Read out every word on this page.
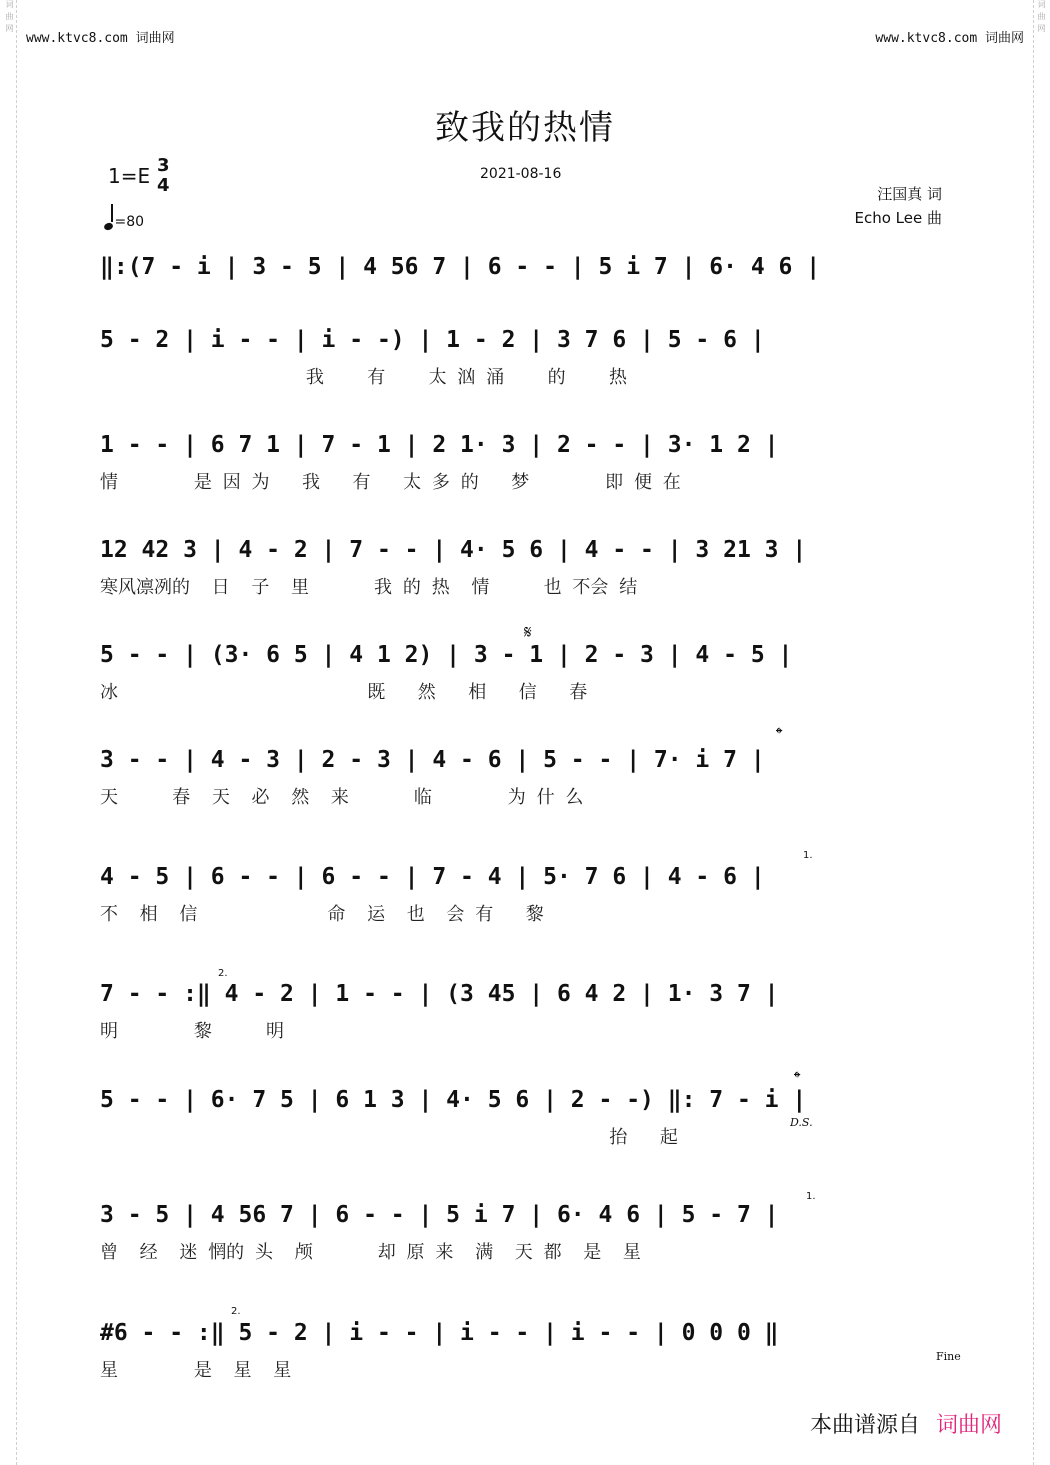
词曲网	词曲网
www.ktvc8.com 词曲网	www.ktvc8.com 词曲网
致我的热情
2021-08-16
1=E 3
4
=80
汪国真 词
Echo Lee 曲
‖:(7 - i | 3 - 5 | 4 56 7 | 6 - - | 5 i 7 | 6· 4 6 |
5 - 2 | i - - | i - -) | 1 - 2 | 3 7 6 | 5 - 6 |
我    有    太 汹 涌    的    热
1 - - | 6 7 1 | 7 - 1 | 2 1· 3 | 2 - - | 3· 1 2 |
情       是 因 为   我   有   太 多 的   梦       即 便 在
12 42 3 | 4 - 2 | 7 - - | 4· 5 6 | 4 - - | 3 21 3 |
寒风凛冽的  日  子  里      我 的 热  情     也 不会 结
5 - - | (3· 6 5 | 4 1 2) | 3 - 1 | 2 - 3 | 4 - 5 |
冰                       既   然   相   信   春
3 - - | 4 - 3 | 2 - 3 | 4 - 6 | 5 - - | 7· i 7 |
天     春  天  必  然  来      临       为 什 么
4 - 5 | 6 - - | 6 - - | 7 - 4 | 5· 7 6 | 4 - 6 |
不  相  信            命  运  也  会 有   黎
7 - - :‖ 4 - 2 | 1 - - | (3 45 | 6 4 2 | 1· 3 7 |
明       黎     明
5 - - | 6· 7 5 | 6 1 3 | 4· 5 6 | 2 - -) ‖: 7 - i |
抬   起
3 - 5 | 4 56 7 | 6 - - | 5 i 7 | 6· 4 6 | 5 - 7 |
曾  经  迷 惘的 头  颅      却 原 来  满  天 都  是  星
#6 - - :‖ 5 - 2 | i - - | i - - | i - - | 0 0 0 ‖
星       是  星  星
𝄋
𝄌
𝄌
D.S.
Fine
1.
2.
1.
2.
本曲谱源自 词曲网
